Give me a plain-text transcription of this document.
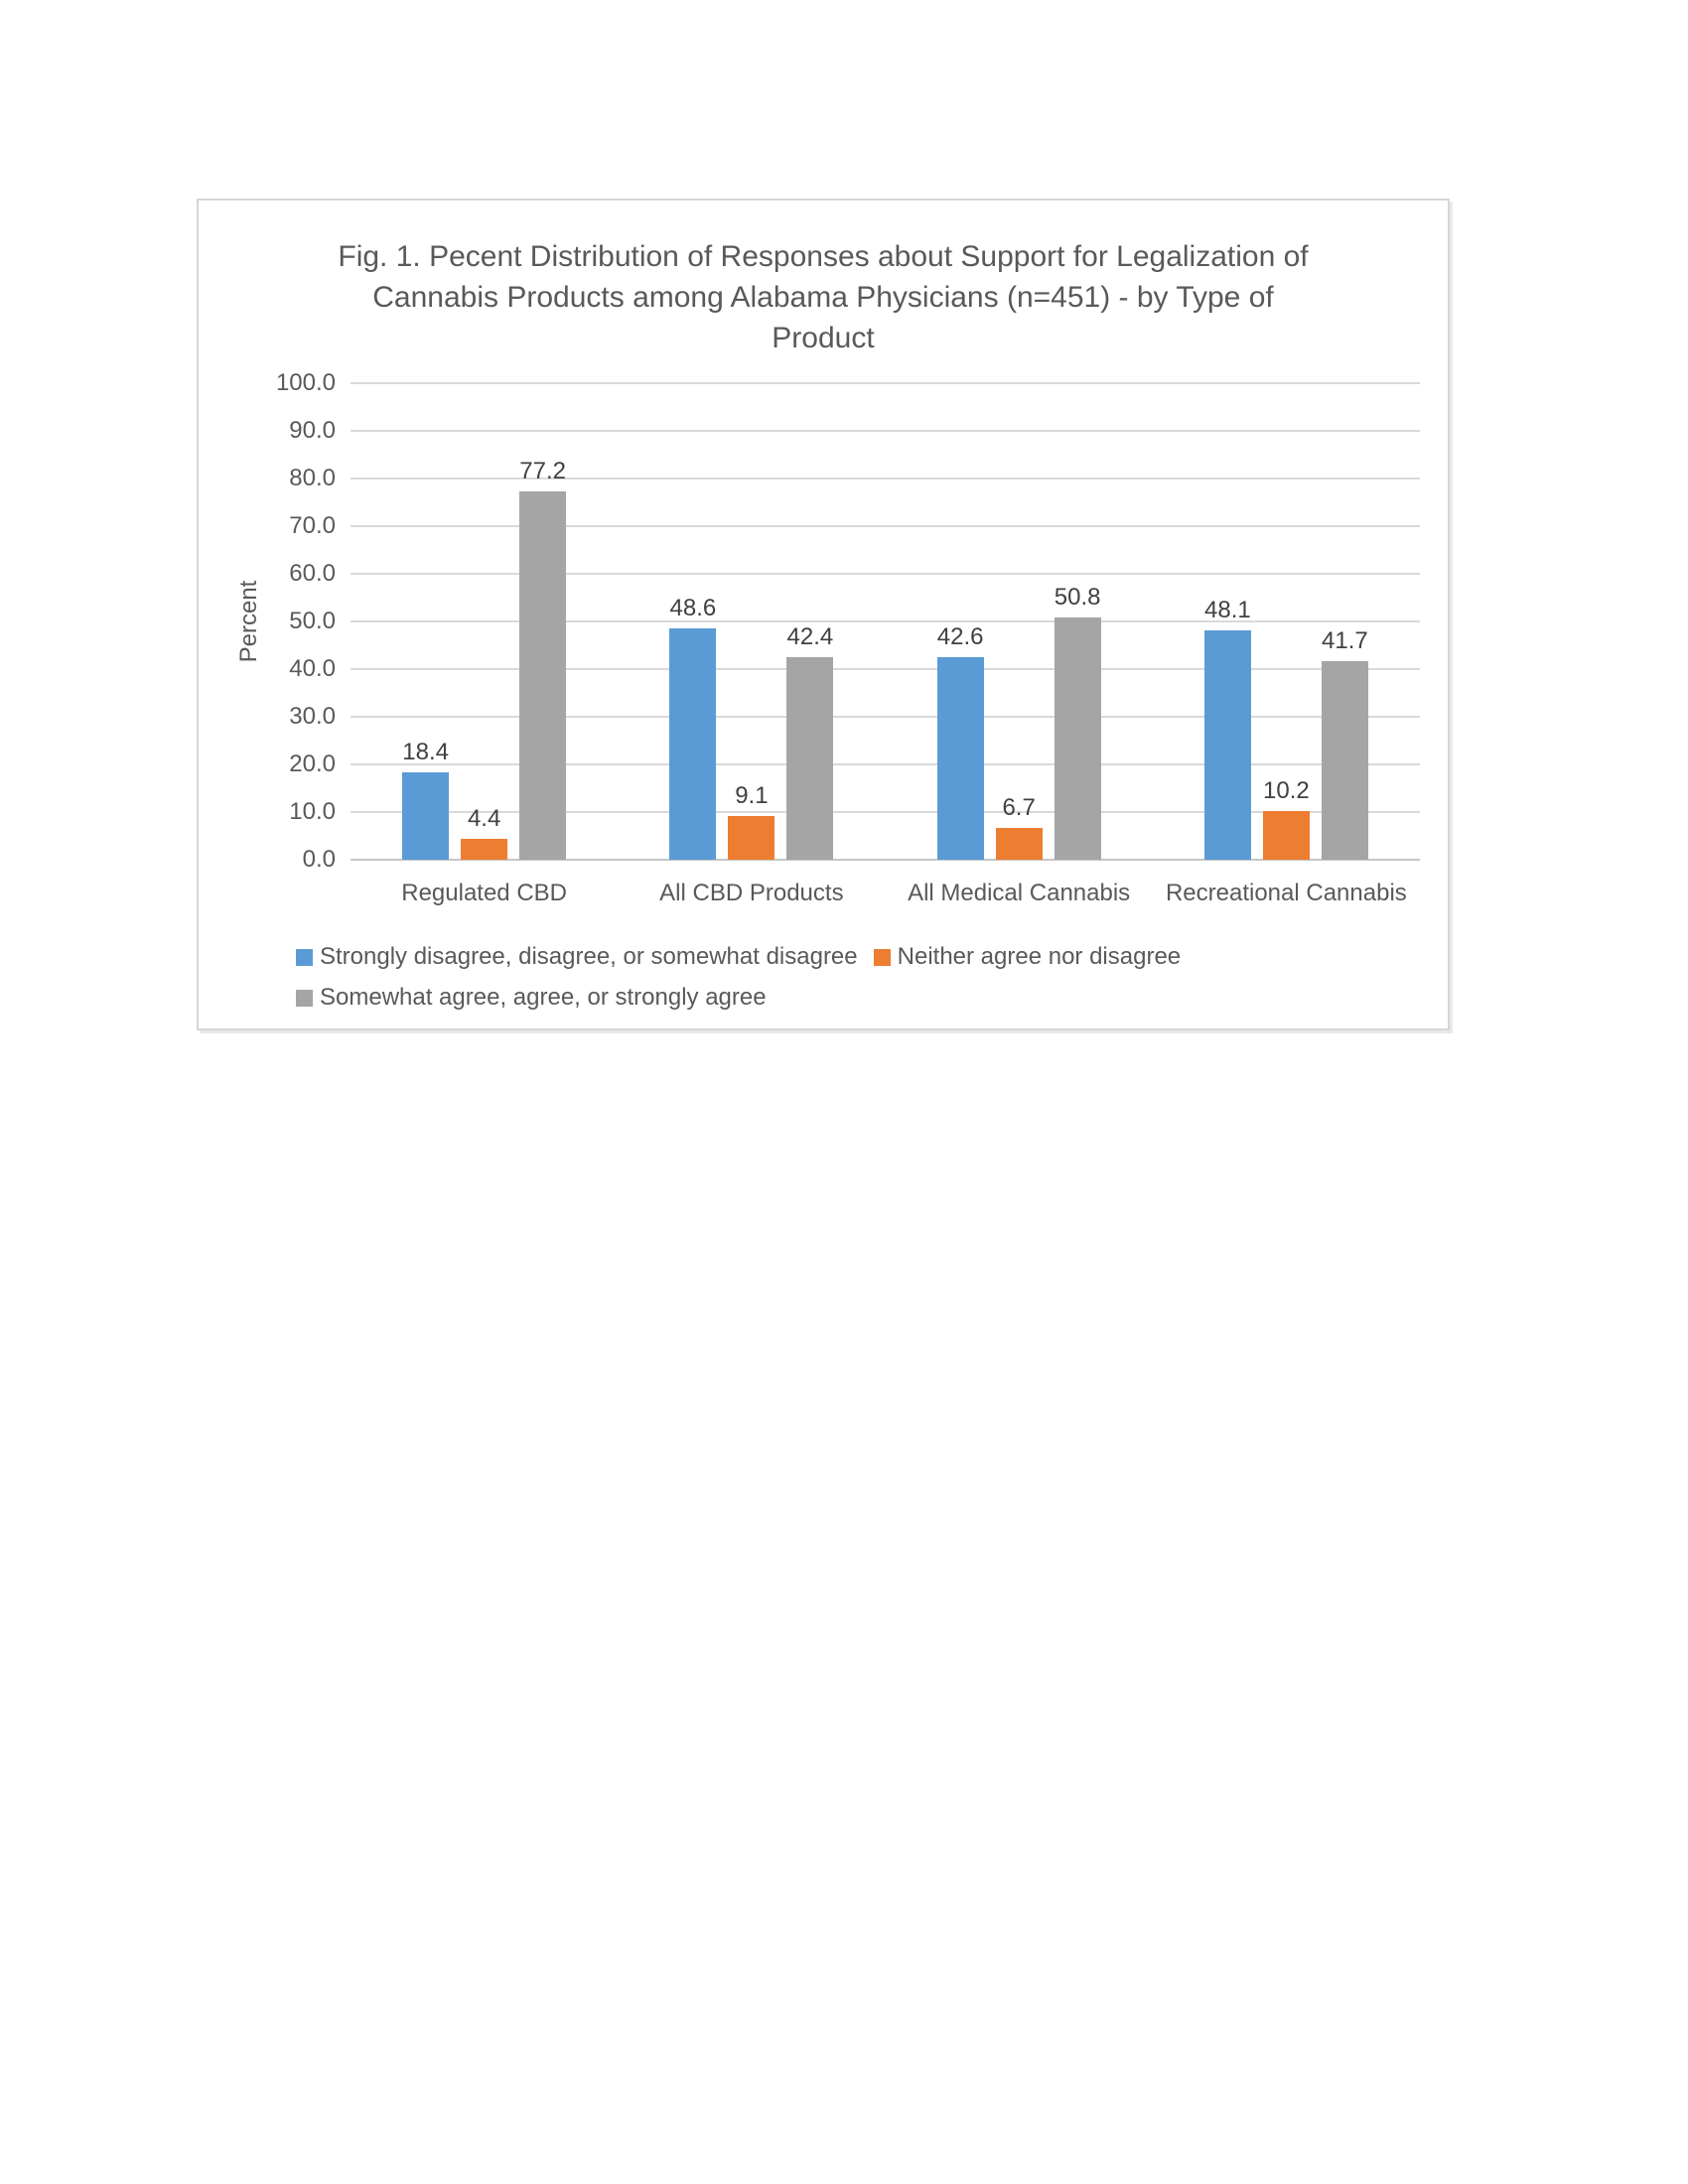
Fig. 1. Pecent Distribution of Responses about Support for Legalization of
Cannabis Products among Alabama Physicians (n=451) - by Type of
Product
Percent
0.0
10.0
20.0
30.0
40.0
50.0
60.0
70.0
80.0
90.0
100.0
18.4
4.4
77.2
Regulated CBD
48.6
9.1
42.4
All CBD Products
42.6
6.7
50.8
All Medical Cannabis
48.1
10.2
41.7
Recreational Cannabis
Strongly disagree, disagree, or somewhat disagree Neither agree nor disagree
Somewhat agree, agree, or strongly agree
